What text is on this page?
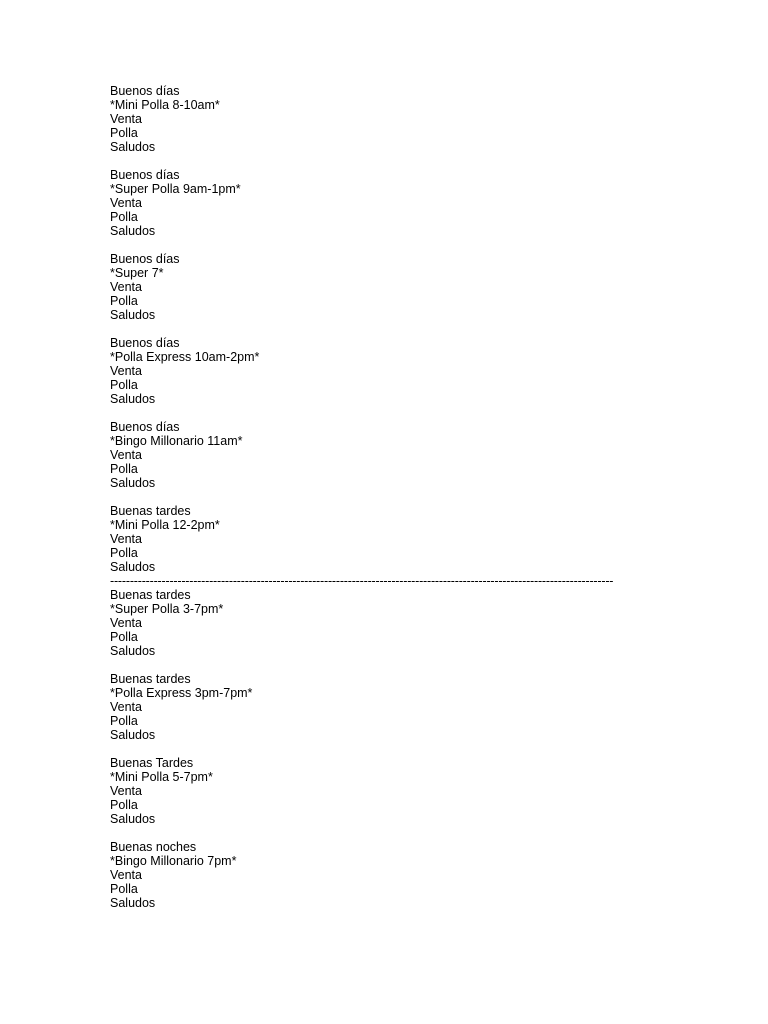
Buenos días
*Mini Polla 8-10am*
Venta
Polla
Saludos
Buenos días
*Super Polla 9am-1pm*
Venta
Polla
Saludos
Buenos días
*Super 7*
Venta
Polla
Saludos
Buenos días
*Polla Express 10am-2pm*
Venta
Polla
Saludos
Buenos días
*Bingo Millonario 11am*
Venta
Polla
Saludos
Buenas tardes
*Mini Polla 12-2pm*
Venta
Polla
Saludos
-------------------------------------------------------------------------------------------------------------------------------
Buenas tardes
*Super Polla 3-7pm*
Venta
Polla
Saludos
Buenas tardes
*Polla Express 3pm-7pm*
Venta
Polla
Saludos
Buenas Tardes
*Mini Polla 5-7pm*
Venta
Polla
Saludos
Buenas noches
*Bingo Millonario 7pm*
Venta
Polla
Saludos
